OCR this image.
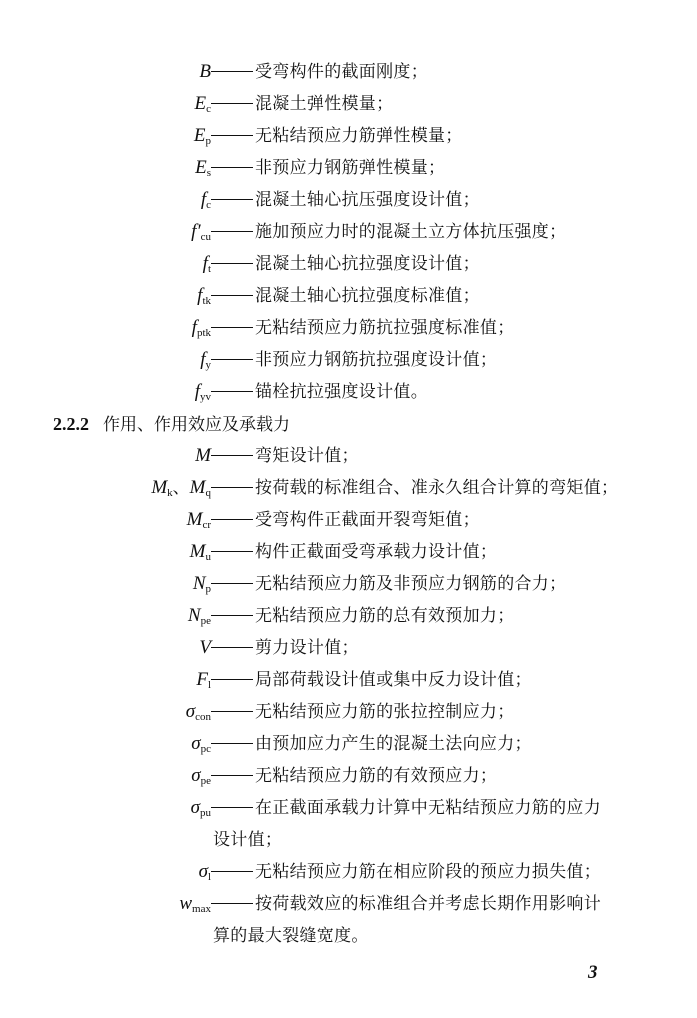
B	受弯构件的截面刚度；
$E_c$	混凝土弹性模量；
$E_p$	无粘结预应力筋弹性模量；
$E_s$	非预应力钢筋弹性模量；
$f_c$	混凝土轴心抗压强度设计值；
$f'_{cu}$	施加预应力时的混凝土立方体抗压强度；
$f_t$	混凝土轴心抗拉强度设计值；
$f_{tk}$	混凝土轴心抗拉强度标准值；
$f_{ptk}$	无粘结预应力筋抗拉强度标准值；
$f_y$	非预应力钢筋抗拉强度设计值；
$f_{yv}$	锚栓抗拉强度设计值。
2.2.2 作用、作用效应及承载力
M	弯矩设计值；
$M_k$、$M_q$	按荷载的标准组合、准永久组合计算的弯矩值；
$M_{cr}$	受弯构件正截面开裂弯矩值；
$M_u$	构件正截面受弯承载力设计值；
$N_p$	无粘结预应力筋及非预应力钢筋的合力；
$N_{pe}$	无粘结预应力筋的总有效预加力；
V	剪力设计值；
$F_l$	局部荷载设计值或集中反力设计值；
$\sigma_{con}$	无粘结预应力筋的张拉控制应力；
$\sigma_{pc}$	由预加应力产生的混凝土法向应力；
$\sigma_{pe}$	无粘结预应力筋的有效预应力；
$\sigma_{pu}$	在正截面承载力计算中无粘结预应力筋的应力
设计值；
$\sigma_l$	无粘结预应力筋在相应阶段的预应力损失值；
$w_{max}$	按荷载效应的标准组合并考虑长期作用影响计
算的最大裂缝宽度。
3
